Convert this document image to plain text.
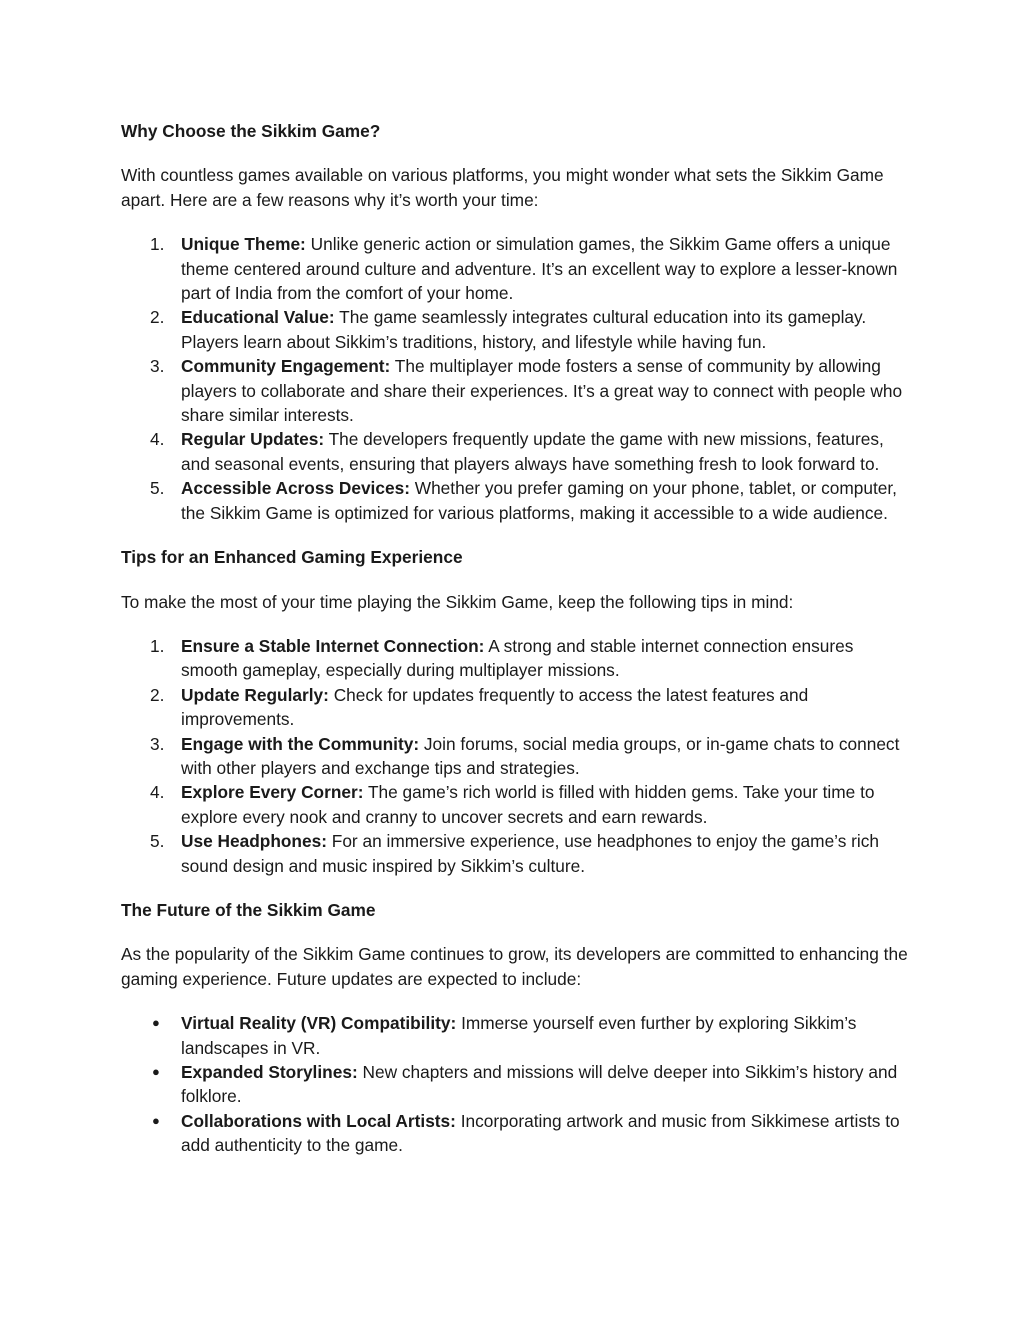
Why Choose the Sikkim Game?

With countless games available on various platforms, you might wonder what sets the Sikkim Game apart. Here are a few reasons why it’s worth your time:

1. Unique Theme: Unlike generic action or simulation games, the Sikkim Game offers a unique theme centered around culture and adventure. It’s an excellent way to explore a lesser-known part of India from the comfort of your home.
2. Educational Value: The game seamlessly integrates cultural education into its gameplay. Players learn about Sikkim’s traditions, history, and lifestyle while having fun.
3. Community Engagement: The multiplayer mode fosters a sense of community by allowing players to collaborate and share their experiences. It’s a great way to connect with people who share similar interests.
4. Regular Updates: The developers frequently update the game with new missions, features, and seasonal events, ensuring that players always have something fresh to look forward to.
5. Accessible Across Devices: Whether you prefer gaming on your phone, tablet, or computer, the Sikkim Game is optimized for various platforms, making it accessible to a wide audience.

Tips for an Enhanced Gaming Experience

To make the most of your time playing the Sikkim Game, keep the following tips in mind:

1. Ensure a Stable Internet Connection: A strong and stable internet connection ensures smooth gameplay, especially during multiplayer missions.
2. Update Regularly: Check for updates frequently to access the latest features and improvements.
3. Engage with the Community: Join forums, social media groups, or in-game chats to connect with other players and exchange tips and strategies.
4. Explore Every Corner: The game’s rich world is filled with hidden gems. Take your time to explore every nook and cranny to uncover secrets and earn rewards.
5. Use Headphones: For an immersive experience, use headphones to enjoy the game’s rich sound design and music inspired by Sikkim’s culture.

The Future of the Sikkim Game

As the popularity of the Sikkim Game continues to grow, its developers are committed to enhancing the gaming experience. Future updates are expected to include:

● Virtual Reality (VR) Compatibility: Immerse yourself even further by exploring Sikkim’s landscapes in VR.
● Expanded Storylines: New chapters and missions will delve deeper into Sikkim’s history and folklore.
● Collaborations with Local Artists: Incorporating artwork and music from Sikkimese artists to add authenticity to the game.
